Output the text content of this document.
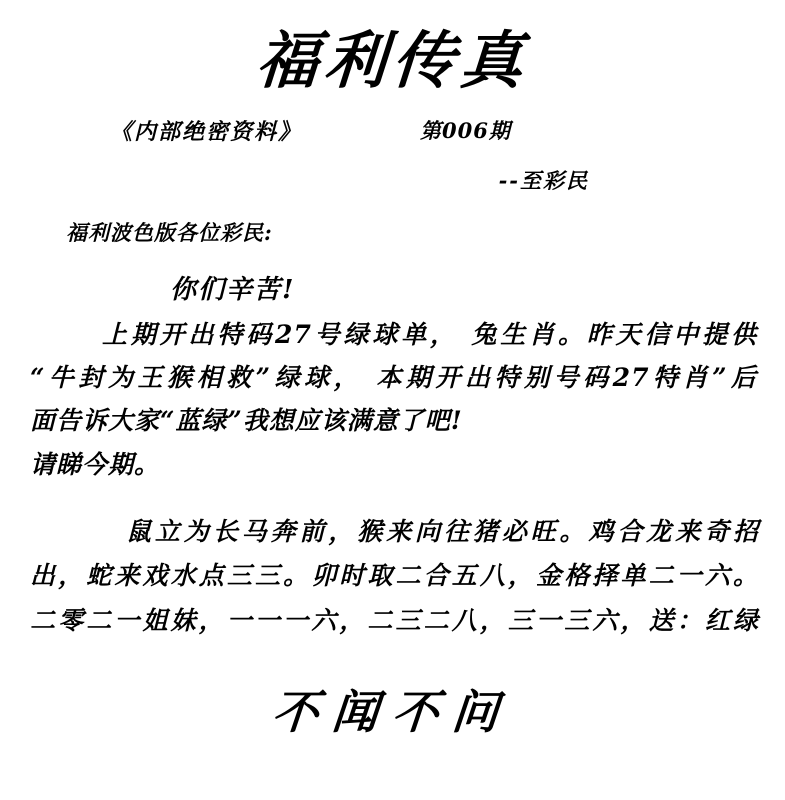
福利传真
《内部绝密资料》	第006期
--至彩民
福利波色版各位彩民:

你们辛苦!

上期开出特码27号绿球单， 兔生肖。昨天信中提供

“牛封为王猴相救”绿球， 本期开出特别号码27特肖”后

面告诉大家“蓝绿”我想应该满意了吧!

请睇今期。

鼠立为长马奔前，猴来向往猪必旺。鸡合龙来奇招

出，蛇来戏水点三三。卯时取二合五八，金格择单二一六。

二零二一姐妹，一一一六，二三二八，三一三六，送：红绿

不闻不问
